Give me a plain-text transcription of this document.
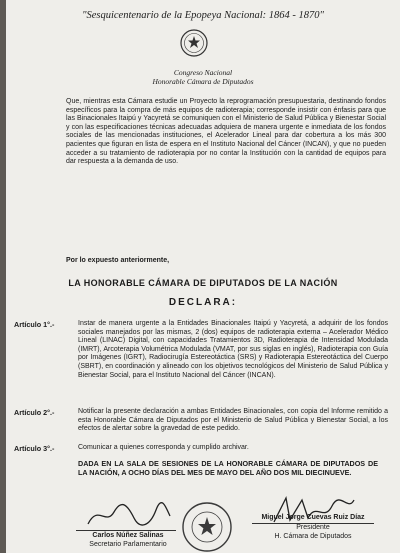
"Sesquicentenario de la Epopeya Nacional: 1864 - 1870"
Congreso Nacional
Honorable Cámara de Diputados
Que, mientras esta Cámara estudie un Proyecto la reprogramación presupuestaria, destinando fondos específicos para la compra de más equipos de radioterapia; corresponde insistir con énfasis para que las Binacionales Itaipú y Yacyretá se comuniquen con el Ministerio de Salud Pública y Bienestar Social y con las especificaciones técnicas adecuadas adquiera de manera urgente e inmediata de los fondos sociales de las mencionadas instituciones, el Acelerador Lineal para dar cobertura a los más 300 pacientes que figuran en lista de espera en el Instituto Nacional del Cáncer (INCAN), y que no pueden acceder a su tratamiento de radioterapia por no contar la Institución con la cantidad de equipos para dar respuesta a la demanda de uso.
Por lo expuesto anteriormente,
LA HONORABLE CÁMARA DE DIPUTADOS DE LA NACIÓN
DECLARA:
Artículo 1°.-	Instar de manera urgente a la Entidades Binacionales Itaipú y Yacyretá, a adquirir de los fondos sociales manejados por las mismas, 2 (dos) equipos de radioterapia externa – Acelerador Médico Lineal (LINAC) Digital, con capacidades Tratamientos 3D, Radioterapia de Intensidad Modulada (IMRT), Arcoterapia Volumétrica Modulada (VMAT, por sus siglas en inglés), Radioterapia con Guía por Imágenes (IGRT), Radiocirugía Estereotáctica (SRS) y Radioterapia Estereotáctica del Cuerpo (SBRT), en coordinación y alineado con los objetivos tecnológicos del Ministerio de Salud Pública y Bienestar Social, para el Instituto Nacional del Cáncer (INCAN).
Artículo 2°.-	Notificar la presente declaración a ambas Entidades Binacionales, con copia del Informe remitido a esta Honorable Cámara de Diputados por el Ministerio de Salud Pública y Bienestar Social, a los efectos de alertar sobre la gravedad de este pedido.
Artículo 3°.-	Comunicar a quienes corresponda y cumplido archivar.
DADA EN LA SALA DE SESIONES DE LA HONORABLE CÁMARA DE DIPUTADOS DE LA NACIÓN, A OCHO DÍAS DEL MES DE MAYO DEL AÑO DOS MIL DIECINUEVE.
Carlos Núñez Salinas
Secretario Parlamentario
Miguel Jorge Cuevas Ruiz Díaz
Presidente
H. Cámara de Diputados
